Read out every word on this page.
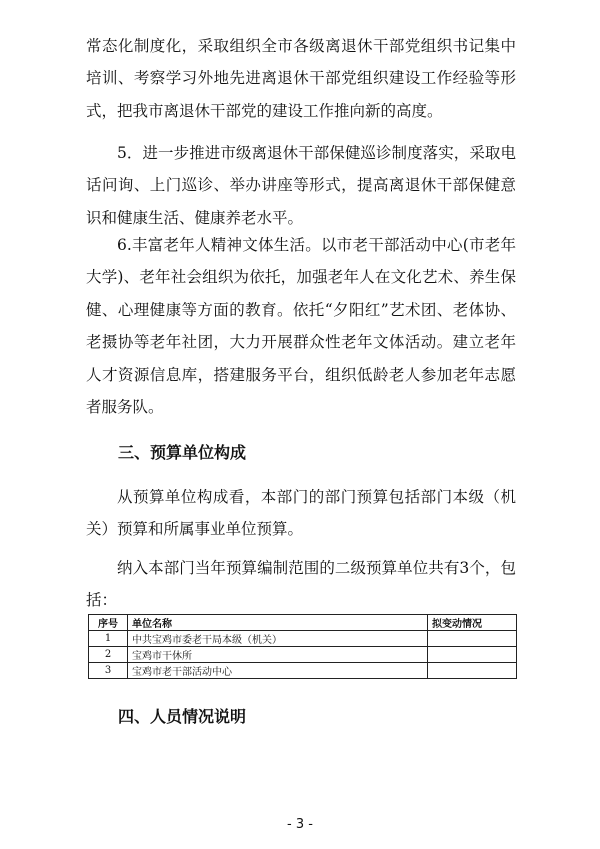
常态化制度化，采取组织全市各级离退休干部党组织书记集中培训、考察学习外地先进离退休干部党组织建设工作经验等形式，把我市离退休干部党的建设工作推向新的高度。

5．进一步推进市级离退休干部保健巡诊制度落实，采取电话问询、上门巡诊、举办讲座等形式，提高离退休干部保健意识和健康生活、健康养老水平。

6.丰富老年人精神文体生活。以市老干部活动中心(市老年大学)、老年社会组织为依托，加强老年人在文化艺术、养生保健、心理健康等方面的教育。依托“夕阳红”艺术团、老体协、老摄协等老年社团，大力开展群众性老年文体活动。建立老年人才资源信息库，搭建服务平台，组织低龄老人参加老年志愿者服务队。

三、预算单位构成

从预算单位构成看，本部门的部门预算包括部门本级（机关）预算和所属事业单位预算。

纳入本部门当年预算编制范围的二级预算单位共有3个，包括：

序号	单位名称	拟变动情况
1	中共宝鸡市委老干局本级（机关）	
2	宝鸡市干休所	
3	宝鸡市老干部活动中心	
四、人员情况说明
- 3 -
